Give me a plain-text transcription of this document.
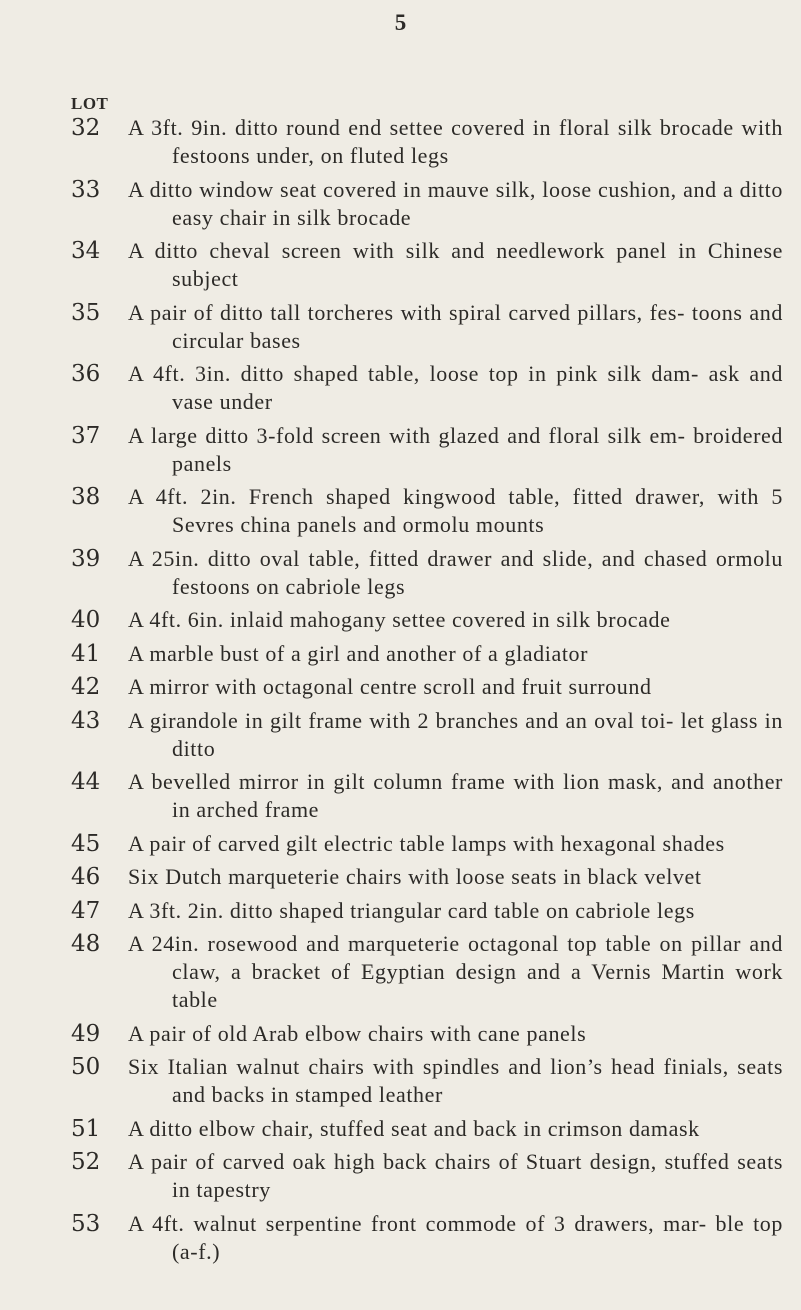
5
LOT
32	A 3ft. 9in. ditto round end settee covered in floral silk brocade with festoons under, on fluted legs
33	A ditto window seat covered in mauve silk, loose cushion, and a ditto easy chair in silk brocade
34	A ditto cheval screen with silk and needlework panel in Chinese subject
35	A pair of ditto tall torcheres with spiral carved pillars, fes- toons and circular bases
36	A 4ft. 3in. ditto shaped table, loose top in pink silk dam- ask and vase under
37	A large ditto 3-fold screen with glazed and floral silk em- broidered panels
38	A 4ft. 2in. French shaped kingwood table, fitted drawer, with 5 Sevres china panels and ormolu mounts
39	A 25in. ditto oval table, fitted drawer and slide, and chased ormolu festoons on cabriole legs
40	A 4ft. 6in. inlaid mahogany settee covered in silk brocade
41	A marble bust of a girl and another of a gladiator
42	A mirror with octagonal centre scroll and fruit surround
43	A girandole in gilt frame with 2 branches and an oval toi- let glass in ditto
44	A bevelled mirror in gilt column frame with lion mask, and another in arched frame
45	A pair of carved gilt electric table lamps with hexagonal shades
46	Six Dutch marqueterie chairs with loose seats in black velvet
47	A 3ft. 2in. ditto shaped triangular card table on cabriole legs
48	A 24in. rosewood and marqueterie octagonal top table on pillar and claw, a bracket of Egyptian design and a Vernis Martin work table
49	A pair of old Arab elbow chairs with cane panels
50	Six Italian walnut chairs with spindles and lion’s head finials, seats and backs in stamped leather
51	A ditto elbow chair, stuffed seat and back in crimson damask
52	A pair of carved oak high back chairs of Stuart design, stuffed seats in tapestry
53	A 4ft. walnut serpentine front commode of 3 drawers, mar- ble top (a-f.)
